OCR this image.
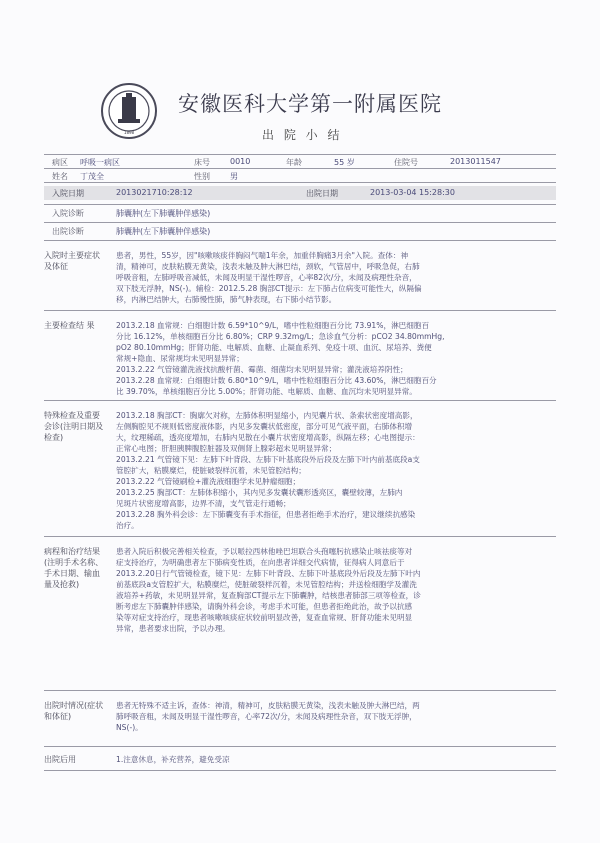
1898
安徽医科大学第一附属医院
出 院 小 结
病区 呼吸一病区	床号	0010	年龄	55 岁	住院号	2013011547
姓名 丁茂全	性别	男
入院日期	2013021710:28:12	出院日期	2013-03-04 15:28:30
入院诊断	肺囊肿(左下肺囊肿伴感染)
出院诊断	肺囊肿(左下肺囊肿伴感染)
入院时主要症状及体征
患者，男性，55岁，因"咳嗽咳痰伴胸闷气喘1年余，加重伴胸痛3月余"入院。查体：神
清，精神可，皮肤粘膜无黄染，浅表未触及肿大淋巴结，颈软，气管居中，呼吸急促，右肺
呼吸音粗，左肺呼吸音减低，未闻及明显干湿性啰音，心率82次/分，未闻及病理性杂音，
双下肢无浮肿，NS(-)。辅检：2012.5.28 胸部CT提示：左下肺占位病变可能性大，纵隔偏
移，内淋巴结肿大，右肺慢性肺，肺气肿表现，右下肺小结节影。
主要检查结 果	2013.2.18 血常规：白细胞计数 6.59*10^9/L，嗜中性粒细胞百分比 73.91%，淋巴细胞百
分比 16.12%，单核细胞百分比 6.80%；CRP 9.32mg/L；急诊血气分析：pCO2 34.80mmHg,
pO2 80.10mmHg；肝肾功能、电解质、血糖、止凝血系列、免疫十项、血沉、尿培养、粪便
常规+隐血、尿常规均未见明显异常；
2013.2.22 气管镜灌洗液找抗酸杆菌、霉菌、细菌均未见明显异常；灌洗液培养阴性；
2013.2.28 血常规：白细胞计数 6.80*10^9/L，嗜中性粒细胞百分比 43.60%，淋巴细胞百分
比 39.70%，单核细胞百分比 5.00%；肝肾功能、电解质、血糖、血沉均未见明显异常。
特殊检查及重要会诊(注明日期及检查)
2013.2.18 胸部CT：胸廓欠对称，左肺体积明显缩小，内见囊片状、条索状密度增高影，
左侧胸腔见不规则低密度液体影，内见多发囊状低密度，部分可见气液平面，右肺体积增
大，纹理稀疏，透亮度增加，右肺内见散在小囊片状密度增高影，纵隔左移；心电图提示：
正常心电图；肝胆胰脾腹腔脏器及双侧肾上腺彩超未见明显异常；
2013.2.21 气管镜下见：左肺下叶背段、左肺下叶基底段外后段及左肺下叶内前基底段a支
管腔扩大，粘膜糜烂，使脏破裂样沉着，未见管腔结构；
2013.2.22 气管镜刷检+灌洗液细胞学未见肿瘤细胞；
2013.2.25 胸部CT：左肺体积缩小，其内见多发囊状囊形透亮区，囊壁较薄，左肺内
见斑片状密度增高影，边界不清，支气管走行通畅；
2013.2.28 胸外科会诊：左下肺囊变有手术指征，但患者拒绝手术治疗，建议继续抗感染
治疗。
病程和治疗结果(注明手术名称、手术日期、输血量及抢救)
患者入院后积极完善相关检查，予以哌拉西林他唑巴坦联合头孢噻肟抗感染止咳祛痰等对
症支持治疗，为明确患者左下肺病变性质，在向患者详细交代病情，征得病人同意后于
2013.2.20日行气管镜检查，镜下见：左肺下叶背段、左肺下叶基底段外后段及左肺下叶内
前基底段a支管腔扩大，粘膜糜烂，使脏破裂样沉着，未见管腔结构；并送检细胞学及灌洗
液培养+药敏，未见明显异常，复查胸部CT提示左下肺囊肿，结核患者肺部三项等检查，诊
断考虑左下肺囊肿伴感染，请胸外科会诊，考虑手术可能，但患者拒绝此治，故予以抗感
染等对症支持治疗，现患者咳嗽咳痰症状较前明显改善，复查血常规、肝肾功能未见明显
异常，患者要求出院，予以办理。
出院时情况(症状和体征)
患者无特殊不适主诉，查体：神清，精神可，皮肤粘膜无黄染，浅表未触及肿大淋巴结，两
肺呼吸音粗，未闻及明显干湿性啰音，心率72次/分，未闻及病理性杂音，双下肢无浮肿，
NS(-)。
出院后用	1.注意休息，补充营养，避免受凉
